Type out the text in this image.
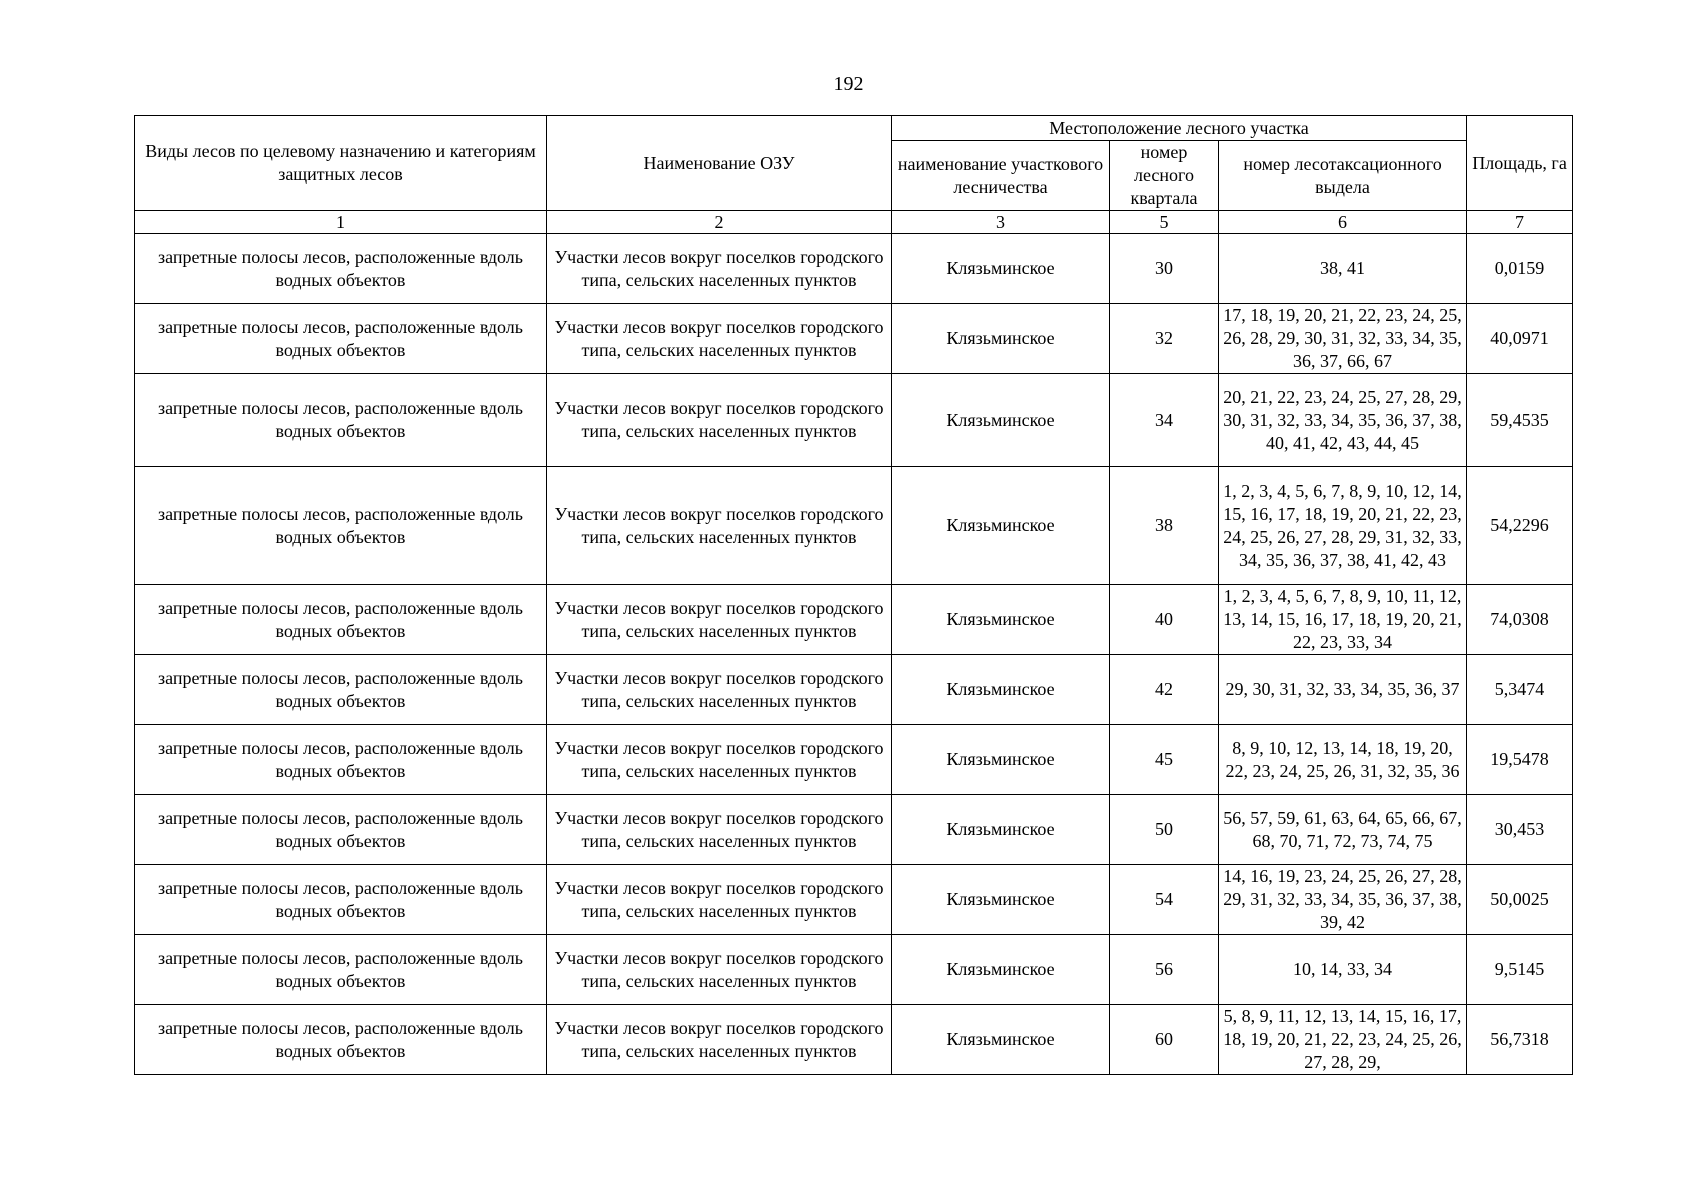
192
Виды лесов по целевому назначению и категориям защитных лесов	Наименование ОЗУ	Местоположение лесного участка			Площадь, га
		наименование участкового лесничества	номер лесного квартала	номер лесотаксационного выдела	
1	2	3	5	6	7
запретные полосы лесов, расположенные вдоль водных объектов	Участки лесов вокруг поселков городского типа, сельских населенных пунктов	Клязьминское	30	38, 41	0,0159
запретные полосы лесов, расположенные вдоль водных объектов	Участки лесов вокруг поселков городского типа, сельских населенных пунктов	Клязьминское	32	17, 18, 19, 20, 21, 22, 23, 24, 25, 26, 28, 29, 30, 31, 32, 33, 34, 35, 36, 37, 66, 67	40,0971
запретные полосы лесов, расположенные вдоль водных объектов	Участки лесов вокруг поселков городского типа, сельских населенных пунктов	Клязьминское	34	20, 21, 22, 23, 24, 25, 27, 28, 29, 30, 31, 32, 33, 34, 35, 36, 37, 38, 40, 41, 42, 43, 44, 45	59,4535
запретные полосы лесов, расположенные вдоль водных объектов	Участки лесов вокруг поселков городского типа, сельских населенных пунктов	Клязьминское	38	1, 2, 3, 4, 5, 6, 7, 8, 9, 10, 12, 14, 15, 16, 17, 18, 19, 20, 21, 22, 23, 24, 25, 26, 27, 28, 29, 31, 32, 33, 34, 35, 36, 37, 38, 41, 42, 43	54,2296
запретные полосы лесов, расположенные вдоль водных объектов	Участки лесов вокруг поселков городского типа, сельских населенных пунктов	Клязьминское	40	1, 2, 3, 4, 5, 6, 7, 8, 9, 10, 11, 12, 13, 14, 15, 16, 17, 18, 19, 20, 21, 22, 23, 33, 34	74,0308
запретные полосы лесов, расположенные вдоль водных объектов	Участки лесов вокруг поселков городского типа, сельских населенных пунктов	Клязьминское	42	29, 30, 31, 32, 33, 34, 35, 36, 37	5,3474
запретные полосы лесов, расположенные вдоль водных объектов	Участки лесов вокруг поселков городского типа, сельских населенных пунктов	Клязьминское	45	8, 9, 10, 12, 13, 14, 18, 19, 20, 22, 23, 24, 25, 26, 31, 32, 35, 36	19,5478
запретные полосы лесов, расположенные вдоль водных объектов	Участки лесов вокруг поселков городского типа, сельских населенных пунктов	Клязьминское	50	56, 57, 59, 61, 63, 64, 65, 66, 67, 68, 70, 71, 72, 73, 74, 75	30,453
запретные полосы лесов, расположенные вдоль водных объектов	Участки лесов вокруг поселков городского типа, сельских населенных пунктов	Клязьминское	54	14, 16, 19, 23, 24, 25, 26, 27, 28, 29, 31, 32, 33, 34, 35, 36, 37, 38, 39, 42	50,0025
запретные полосы лесов, расположенные вдоль водных объектов	Участки лесов вокруг поселков городского типа, сельских населенных пунктов	Клязьминское	56	10, 14, 33, 34	9,5145
запретные полосы лесов, расположенные вдоль водных объектов	Участки лесов вокруг поселков городского типа, сельских населенных пунктов	Клязьминское	60	5, 8, 9, 11, 12, 13, 14, 15, 16, 17, 18, 19, 20, 21, 22, 23, 24, 25, 26, 27, 28, 29,	56,7318
